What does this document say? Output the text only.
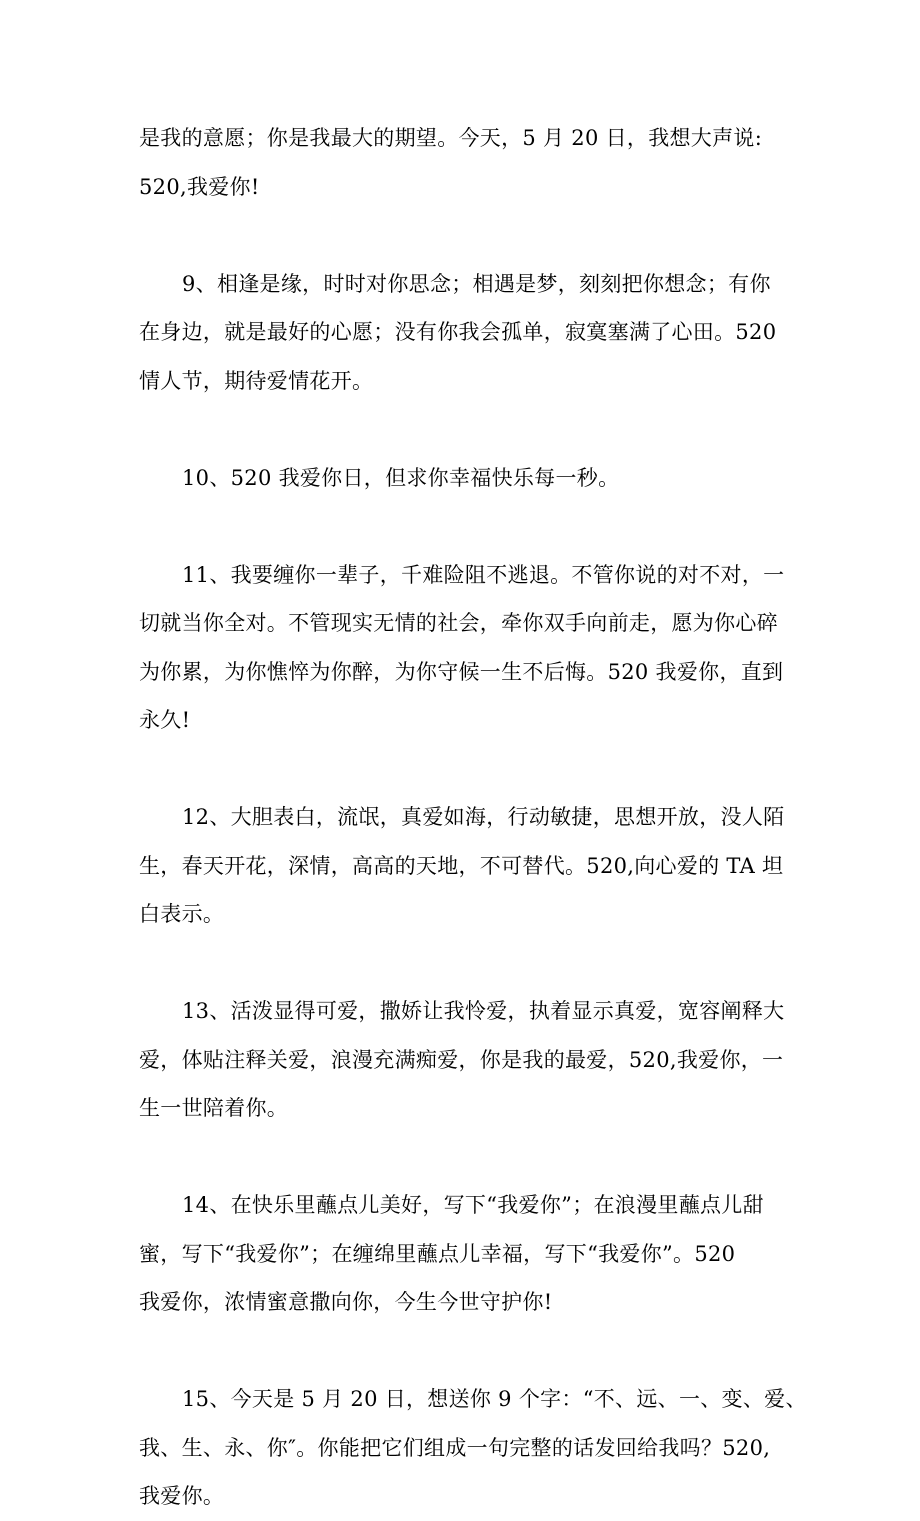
是我的意愿；你是我最大的期望。今天，5 月 20 日，我想大声说:
520,我爱你!
9、相逢是缘，时时对你思念；相遇是梦，刻刻把你想念；有你
在身边，就是最好的心愿；没有你我会孤单，寂寞塞满了心田。520
情人节，期待爱情花开。
10、520 我爱你日，但求你幸福快乐每一秒。
11、我要缠你一辈子，千难险阻不逃退。不管你说的对不对，一
切就当你全对。不管现实无情的社会，牵你双手向前走，愿为你心碎
为你累，为你憔悴为你醉，为你守候一生不后悔。520 我爱你，直到
永久!
12、大胆表白，流氓，真爱如海，行动敏捷，思想开放，没人陌
生，春天开花，深情，高高的天地，不可替代。520,向心爱的 TA 坦
白表示。
13、活泼显得可爱，撒娇让我怜爱，执着显示真爱，宽容阐释大
爱，体贴注释关爱，浪漫充满痴爱，你是我的最爱，520,我爱你，一
生一世陪着你。
14、在快乐里蘸点儿美好，写下“我爱你”；在浪漫里蘸点儿甜
蜜，写下“我爱你”；在缠绵里蘸点儿幸福，写下“我爱你”。520
我爱你，浓情蜜意撒向你，今生今世守护你!
15、今天是 5 月 20 日，想送你 9 个字：“不、远、一、变、爱、
我、生、永、你″。你能把它们组成一句完整的话发回给我吗？520,
我爱你。
